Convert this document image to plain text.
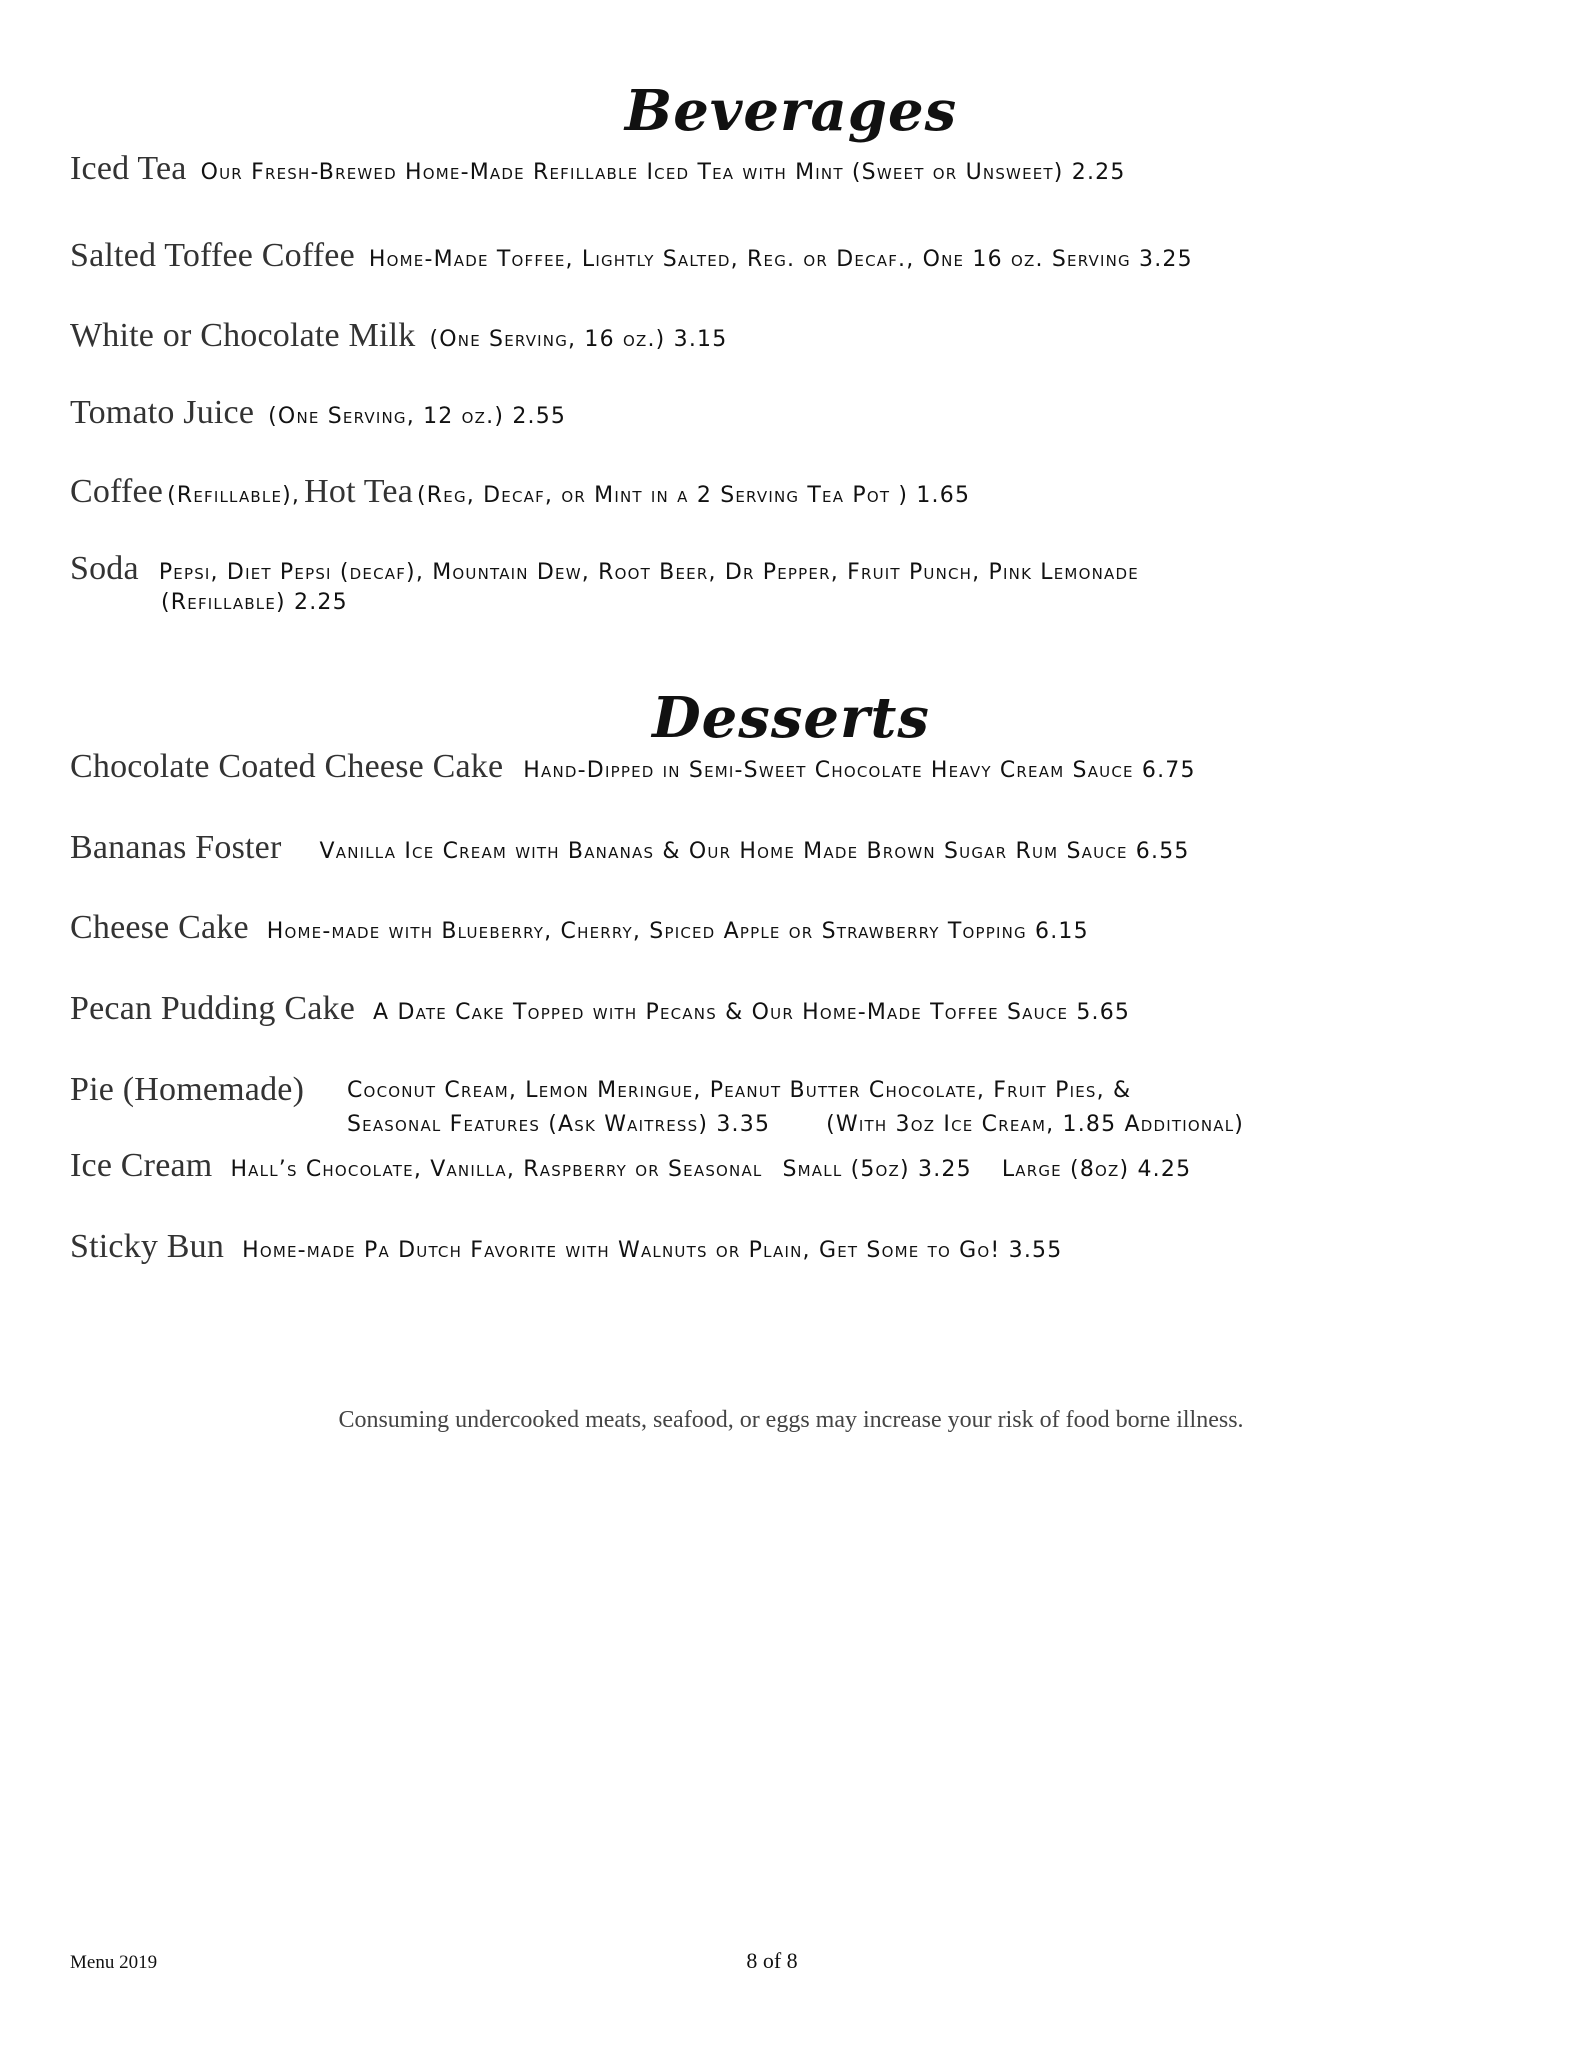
Beverages
Iced Tea Our Fresh-Brewed Home-Made Refillable Iced Tea with Mint (Sweet or Unsweet) 2.25
Salted Toffee Coffee Home-Made Toffee, Lightly Salted, Reg. or Decaf., One 16 oz. Serving 3.25
White or Chocolate Milk (One Serving, 16 oz.) 3.15
Tomato Juice (One Serving, 12 oz.) 2.55
Coffee (Refillable), Hot Tea (Reg, Decaf, or Mint in a 2 Serving Tea Pot ) 1.65
Soda Pepsi, Diet Pepsi (decaf), Mountain Dew, Root Beer, Dr Pepper, Fruit Punch, Pink Lemonade
(Refillable) 2.25
Desserts
Chocolate Coated Cheese Cake Hand-Dipped in Semi-Sweet Chocolate Heavy Cream Sauce 6.75
Bananas Foster Vanilla Ice Cream with Bananas & Our Home Made Brown Sugar Rum Sauce 6.55
Cheese Cake Home-made with Blueberry, Cherry, Spiced Apple or Strawberry Topping 6.15
Pecan Pudding Cake A Date Cake Topped with Pecans & Our Home-Made Toffee Sauce 5.65
Pie (Homemade)	Coconut Cream, Lemon Meringue, Peanut Butter Chocolate, Fruit Pies, &
Seasonal Features (Ask Waitress) 3.35	(With 3oz Ice Cream, 1.85 Additional)
Ice Cream Hall’s Chocolate, Vanilla, Raspberry or Seasonal Small (5oz) 3.25 Large (8oz) 4.25
Sticky Bun Home-made Pa Dutch Favorite with Walnuts or Plain, Get Some to Go! 3.55
Consuming undercooked meats, seafood, or eggs may increase your risk of food borne illness.
Menu 2019	8 of 8
